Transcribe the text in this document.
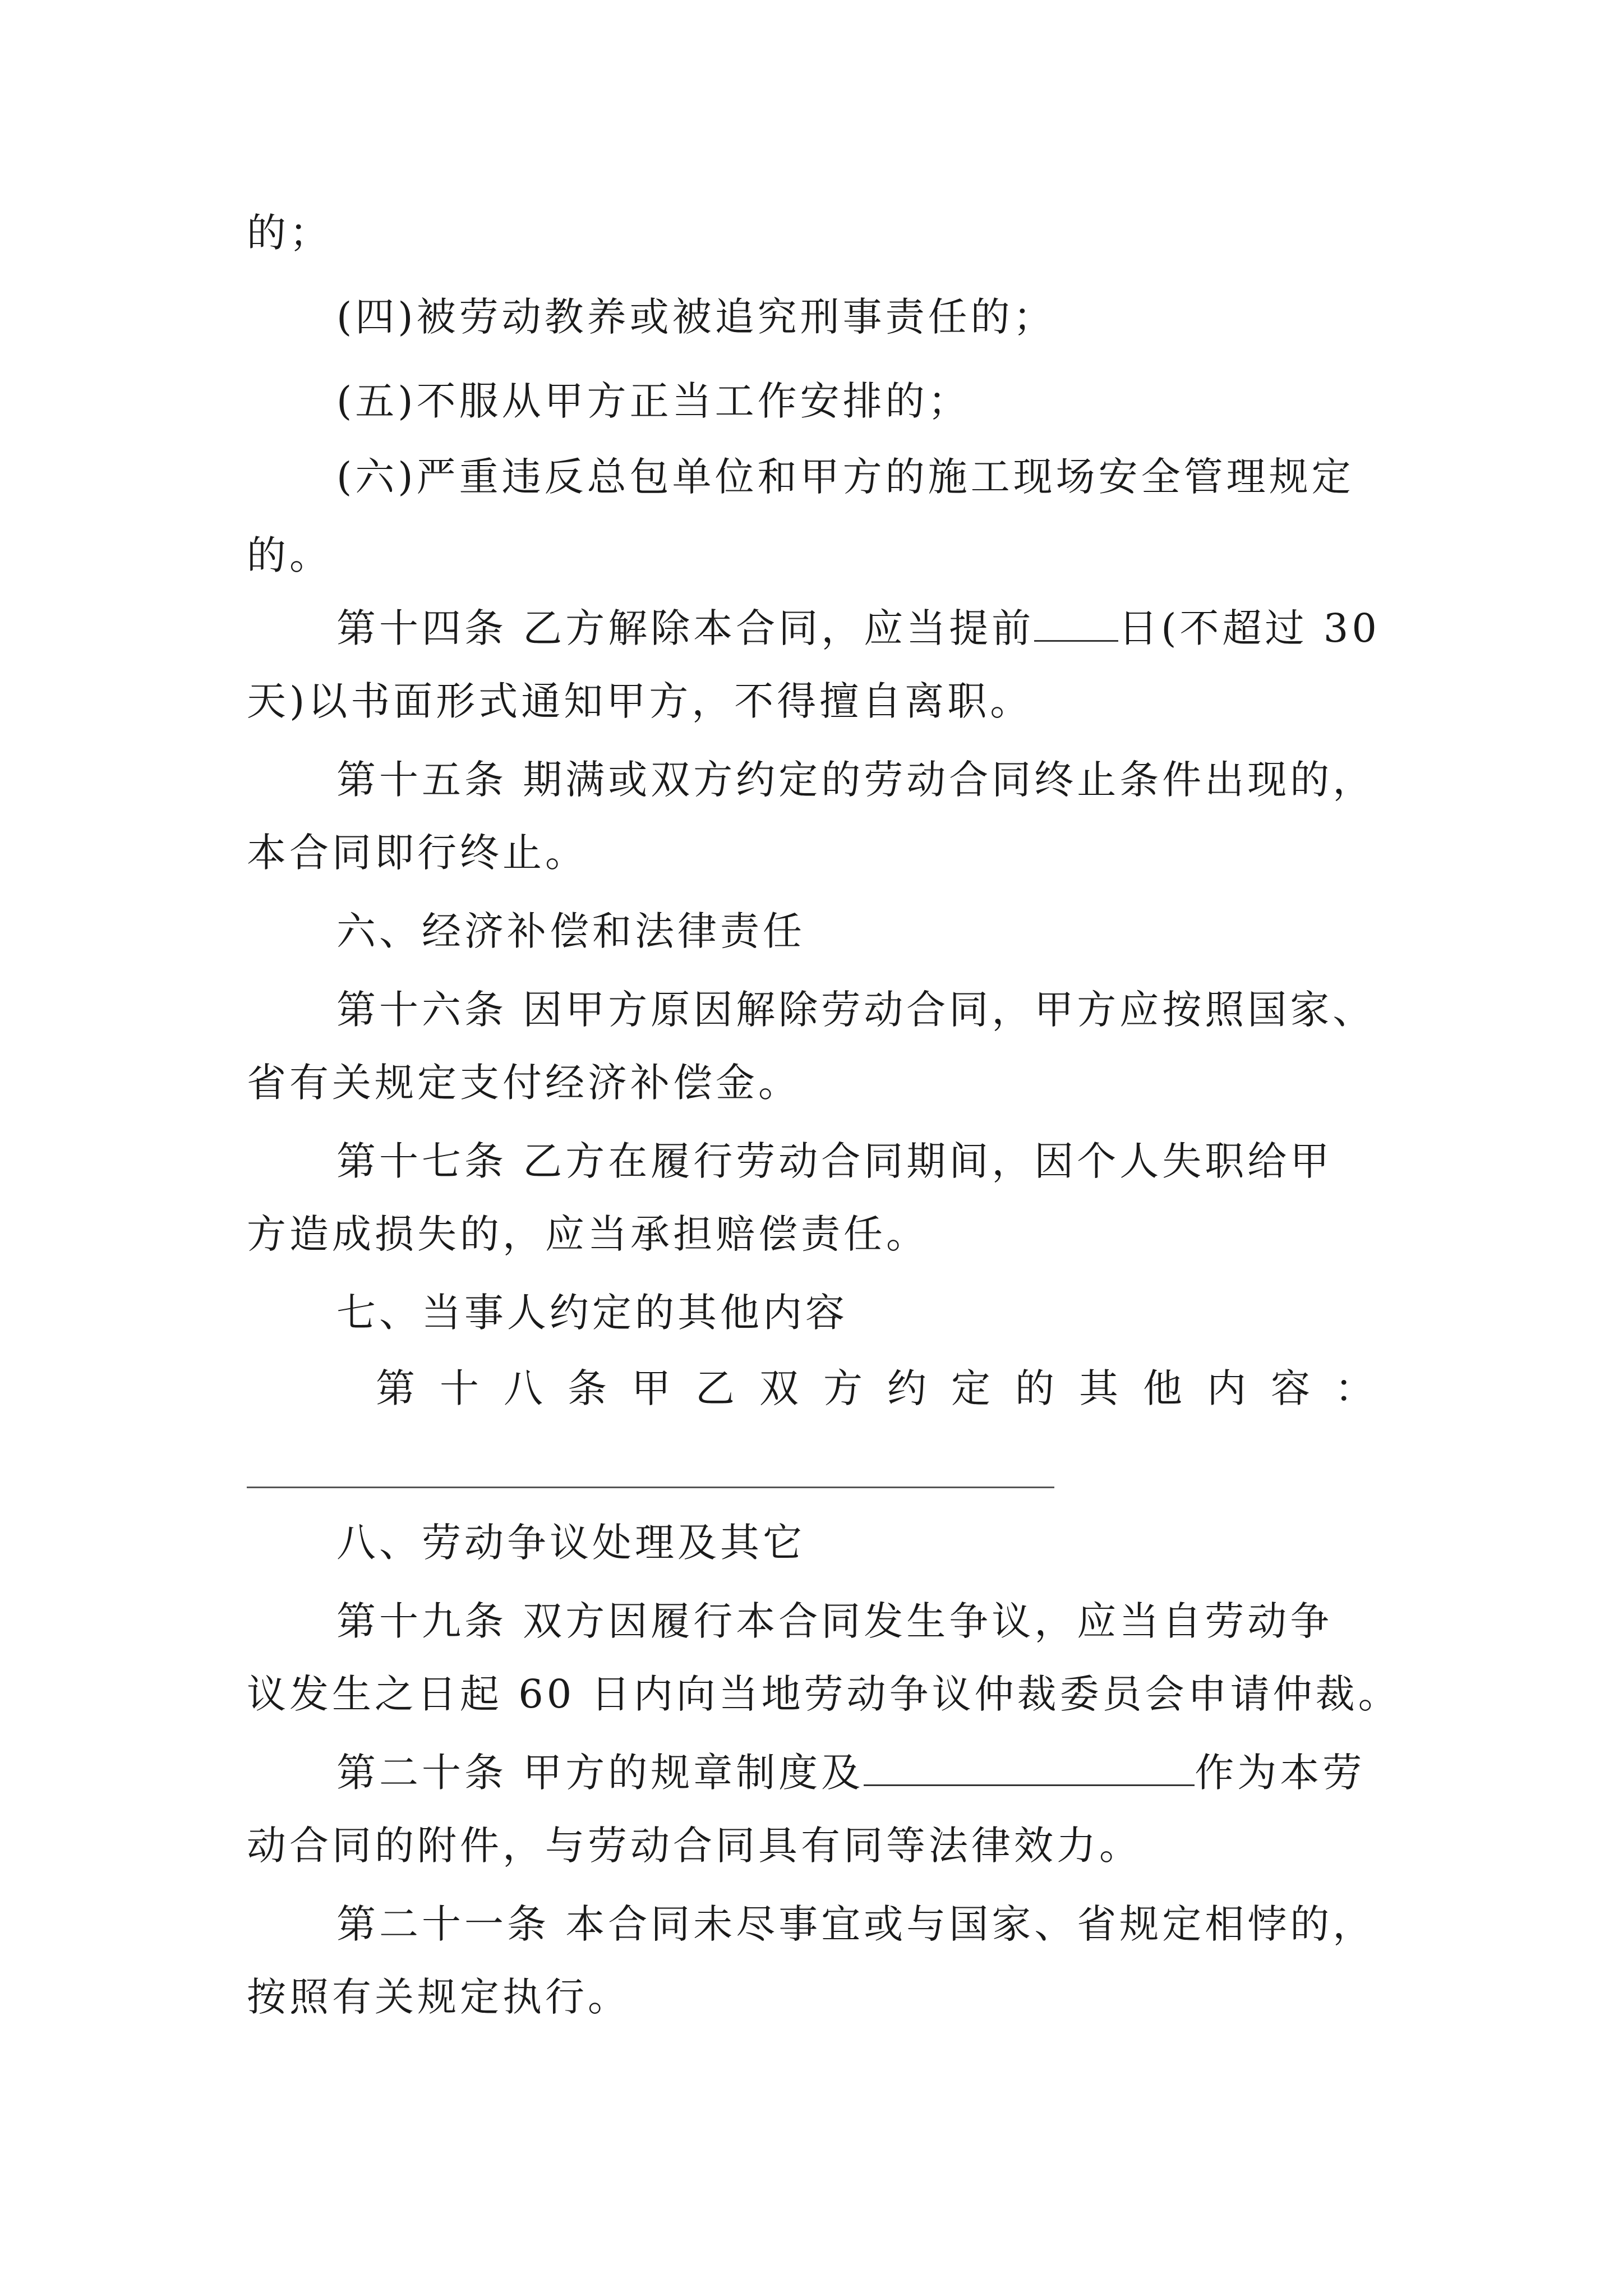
的；
(四)被劳动教养或被追究刑事责任的；
(五)不服从甲方正当工作安排的；
(六)严重违反总包单位和甲方的施工现场安全管理规定
的。
第十四条 乙方解除本合同，应当提前 日(不超过 30
天)以书面形式通知甲方，不得擅自离职。
第十五条 期满或双方约定的劳动合同终止条件出现的，
本合同即行终止。
六、经济补偿和法律责任
第十六条 因甲方原因解除劳动合同，甲方应按照国家、
省有关规定支付经济补偿金。
第十七条 乙方在履行劳动合同期间，因个人失职给甲
方造成损失的，应当承担赔偿责任。
七、当事人约定的其他内容
第 十 八 条 甲 乙 双 方 约 定 的 其 他 内 容 ：
八、劳动争议处理及其它
第十九条 双方因履行本合同发生争议，应当自劳动争
议发生之日起 60 日内向当地劳动争议仲裁委员会申请仲裁。
第二十条 甲方的规章制度及	作为本劳
动合同的附件，与劳动合同具有同等法律效力。
第二十一条 本合同未尽事宜或与国家、省规定相悖的，
按照有关规定执行。
